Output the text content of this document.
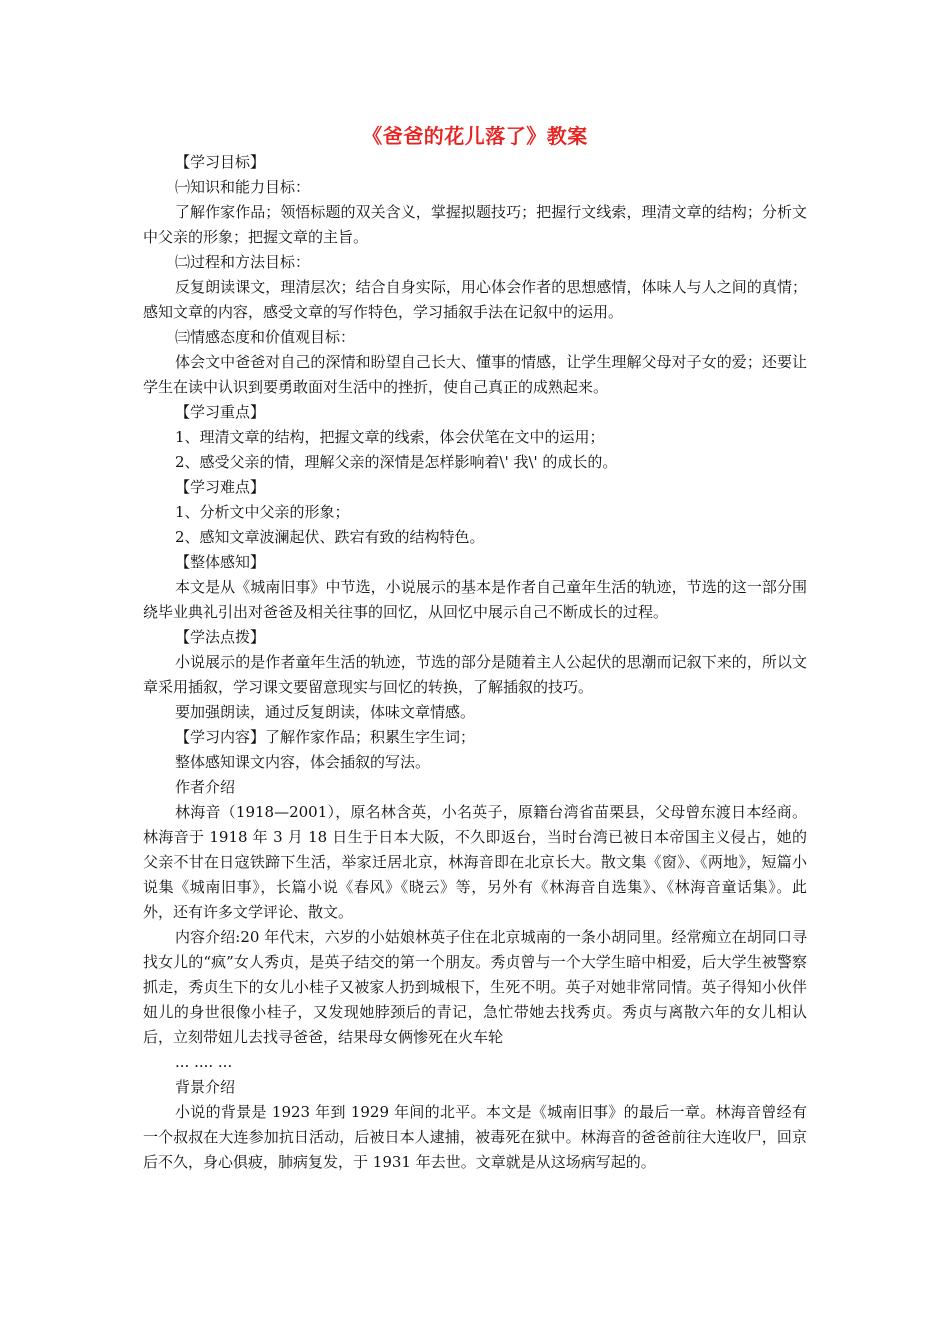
《爸爸的花儿落了》教案

【学习目标】

㈠知识和能力目标：

了解作家作品；领悟标题的双关含义，掌握拟题技巧；把握行文线索，理清文章的结构；分析文中父亲的形象；把握文章的主旨。

㈡过程和方法目标：

反复朗读课文，理清层次；结合自身实际，用心体会作者的思想感情，体味人与人之间的真情；感知文章的内容，感受文章的写作特色，学习插叙手法在记叙中的运用。

㈢情感态度和价值观目标：

体会文中爸爸对自己的深情和盼望自己长大、懂事的情感，让学生理解父母对子女的爱；还要让学生在读中认识到要勇敢面对生活中的挫折，使自己真正的成熟起来。

【学习重点】

1、理清文章的结构，把握文章的线索，体会伏笔在文中的运用；

2、感受父亲的情，理解父亲的深情是怎样影响着\' 我\' 的成长的。

【学习难点】

1、分析文中父亲的形象；

2、感知文章波澜起伏、跌宕有致的结构特色。

【整体感知】

本文是从《城南旧事》中节选，小说展示的基本是作者自己童年生活的轨迹，节选的这一部分围绕毕业典礼引出对爸爸及相关往事的回忆，从回忆中展示自己不断成长的过程。

【学法点拨】

小说展示的是作者童年生活的轨迹，节选的部分是随着主人公起伏的思潮而记叙下来的，所以文章采用插叙，学习课文要留意现实与回忆的转换，了解插叙的技巧。

要加强朗读，通过反复朗读，体味文章情感。

【学习内容】了解作家作品；积累生字生词；

整体感知课文内容，体会插叙的写法。

作者介绍

林海音（1918—2001），原名林含英，小名英子，原籍台湾省苗栗县，父母曾东渡日本经商。林海音于 1918 年 3 月 18 日生于日本大阪，不久即返台，当时台湾已被日本帝国主义侵占，她的父亲不甘在日寇铁蹄下生活，举家迁居北京，林海音即在北京长大。散文集《窗》、《两地》，短篇小说集《城南旧事》，长篇小说《春风》《晓云》等，另外有《林海音自选集》、《林海音童话集》。此外，还有许多文学评论、散文。

内容介绍:20 年代末，六岁的小姑娘林英子住在北京城南的一条小胡同里。经常痴立在胡同口寻找女儿的“疯”女人秀贞，是英子结交的第一个朋友。秀贞曾与一个大学生暗中相爱，后大学生被警察抓走，秀贞生下的女儿小桂子又被家人扔到城根下，生死不明。英子对她非常同情。英子得知小伙伴妞儿的身世很像小桂子，又发现她脖颈后的青记，急忙带她去找秀贞。秀贞与离散六年的女儿相认后，立刻带妞儿去找寻爸爸，结果母女俩惨死在火车轮

... .... ...

背景介绍

小说的背景是 1923 年到 1929 年间的北平。本文是《城南旧事》的最后一章。林海音曾经有一个叔叔在大连参加抗日活动，后被日本人逮捕，被毒死在狱中。林海音的爸爸前往大连收尸，回京后不久，身心俱疲，肺病复发，于 1931 年去世。文章就是从这场病写起的。
